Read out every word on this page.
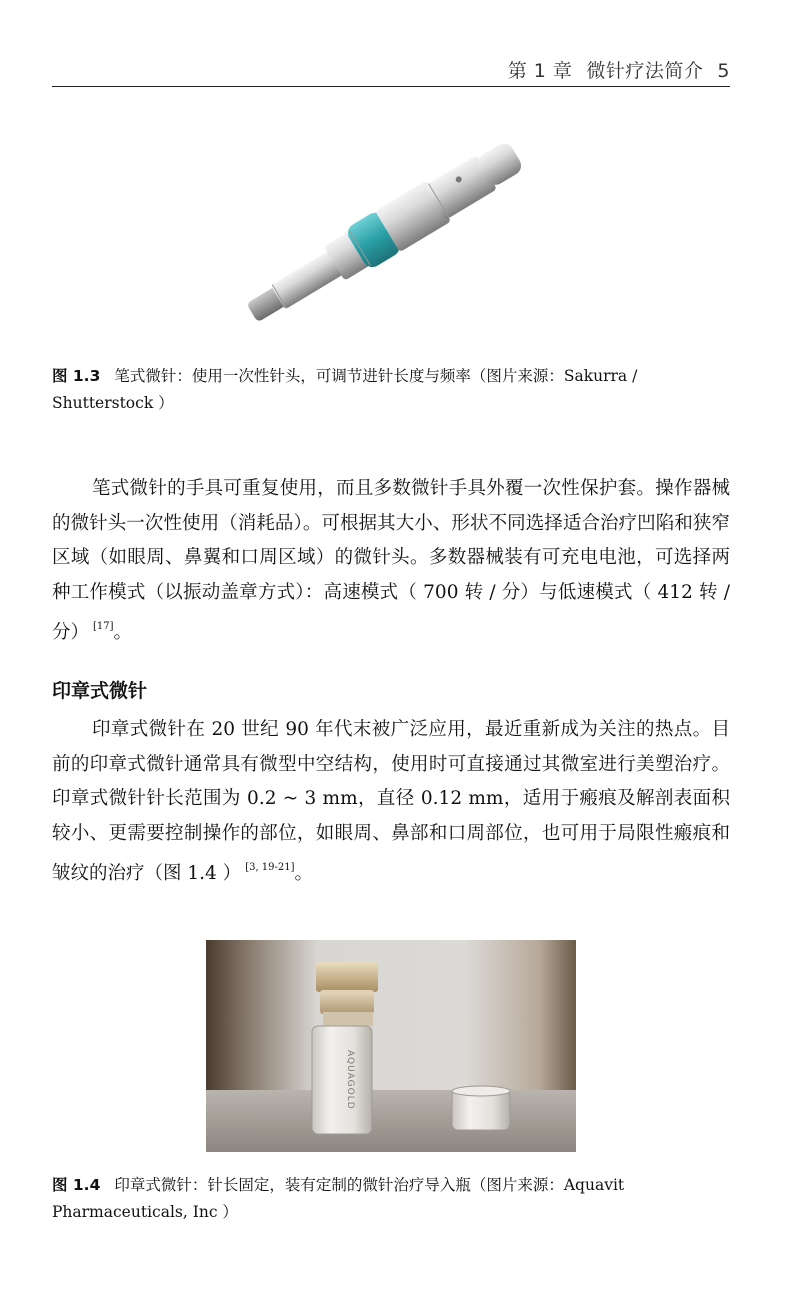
第 1 章 微针疗法简介 5
图 1.3 笔式微针：使用一次性针头，可调节进针长度与频率（图片来源：Sakurra / Shutterstock ）
笔式微针的手具可重复使用，而且多数微针手具外覆一次性保护套。操作器械的微针头一次性使用（消耗品）。可根据其大小、形状不同选择适合治疗凹陷和狭窄区域（如眼周、鼻翼和口周区域）的微针头。多数器械装有可充电电池，可选择两种工作模式（以振动盖章方式）：高速模式（ 700 转 / 分）与低速模式（ 412 转 / 分） [17]。
印章式微针
印章式微针在 20 世纪 90 年代末被广泛应用，最近重新成为关注的热点。目前的印章式微针通常具有微型中空结构，使用时可直接通过其微室进行美塑治疗。印章式微针针长范围为 0.2 ~ 3 mm，直径 0.12 mm，适用于瘢痕及解剖表面积较小、更需要控制操作的部位，如眼周、鼻部和口周部位，也可用于局限性瘢痕和皱纹的治疗（图 1.4 ） [3, 19-21]。
AQUAGOLD
图 1.4 印章式微针：针长固定，装有定制的微针治疗导入瓶（图片来源：Aquavit Pharmaceuticals, Inc ）
